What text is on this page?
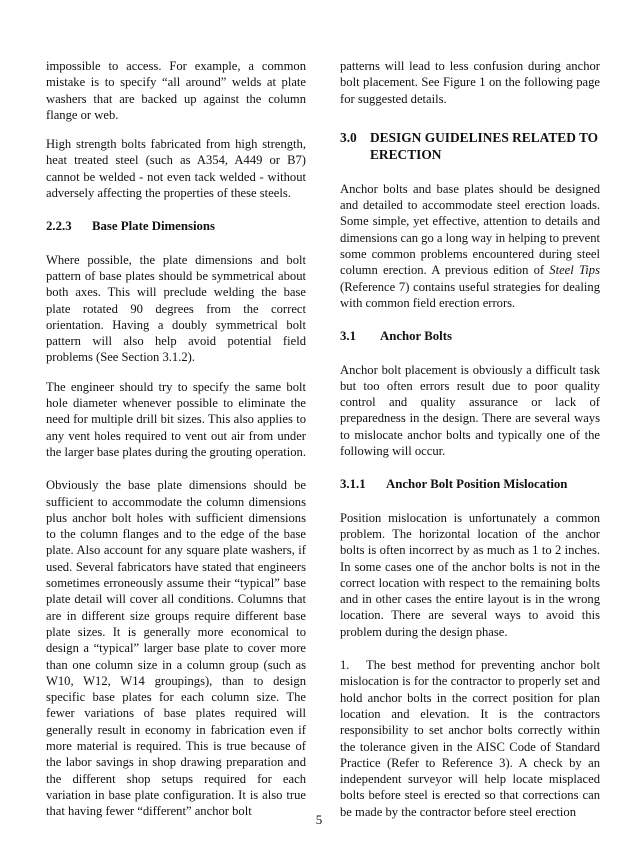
impossible to access. For example, a common mistake is to specify “all around” welds at plate washers that are backed up against the column flange or web.

High strength bolts fabricated from high strength, heat treated steel (such as A354, A449 or B7) cannot be welded - not even tack welded - without adversely affecting the properties of these steels.

2.2.3 Base Plate Dimensions

Where possible, the plate dimensions and bolt pattern of base plates should be symmetrical about both axes. This will preclude welding the base plate rotated 90 degrees from the correct orientation. Having a doubly symmetrical bolt pattern will also help avoid potential field problems (See Section 3.1.2).

The engineer should try to specify the same bolt hole diameter whenever possible to eliminate the need for multiple drill bit sizes. This also applies to any vent holes required to vent out air from under the larger base plates during the grouting operation.

Obviously the base plate dimensions should be sufficient to accommodate the column dimensions plus anchor bolt holes with sufficient dimensions to the column flanges and to the edge of the base plate. Also account for any square plate washers, if used. Several fabricators have stated that engineers sometimes erroneously assume their “typical” base plate detail will cover all conditions. Columns that are in different size groups require different base plate sizes. It is generally more economical to design a “typical” larger base plate to cover more than one column size in a column group (such as W10, W12, W14 groupings), than to design specific base plates for each column size. The fewer variations of base plates required will generally result in economy in fabrication even if more material is required. This is true because of the labor savings in shop drawing preparation and the different shop setups required for each variation in base plate configuration. It is also true that having fewer “different” anchor bolt

patterns will lead to less confusion during anchor bolt placement. See Figure 1 on the following page for suggested details.

3.0 DESIGN GUIDELINES RELATED TO
ERECTION

Anchor bolts and base plates should be designed and detailed to accommodate steel erection loads. Some simple, yet effective, attention to details and dimensions can go a long way in helping to prevent some common problems encountered during steel column erection. A previous edition of Steel Tips (Reference 7) contains useful strategies for dealing with common field erection errors.

3.1 Anchor Bolts

Anchor bolt placement is obviously a difficult task but too often errors result due to poor quality control and quality assurance or lack of preparedness in the design. There are several ways to mislocate anchor bolts and typically one of the following will occur.

3.1.1 Anchor Bolt Position Mislocation

Position mislocation is unfortunately a common problem. The horizontal location of the anchor bolts is often incorrect by as much as 1 to 2 inches. In some cases one of the anchor bolts is not in the correct location with respect to the remaining bolts and in other cases the entire layout is in the wrong location. There are several ways to avoid this problem during the design phase.

1. The best method for preventing anchor bolt mislocation is for the contractor to properly set and hold anchor bolts in the correct position for plan location and elevation. It is the contractors responsibility to set anchor bolts correctly within the tolerance given in the AISC Code of Standard Practice (Refer to Reference 3). A check by an independent surveyor will help locate misplaced bolts before steel is erected so that corrections can be made by the contractor before steel erection

5
